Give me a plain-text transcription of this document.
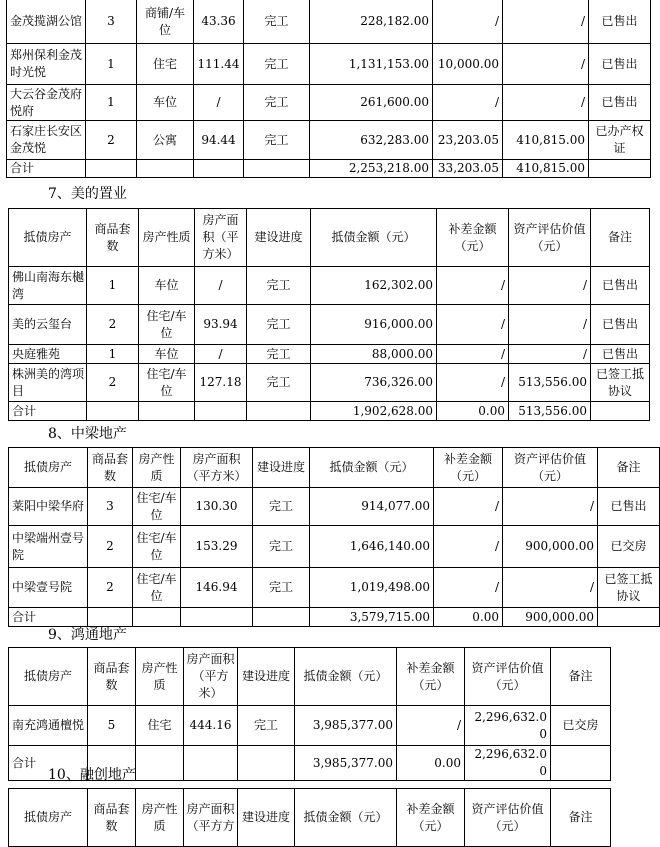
金茂揽湖公馆	3	商铺/车位	43.36	完工	228,182.00	/	/	已售出
郑州保利金茂时光悦	1	住宅	111.44	完工	1,131,153.00	10,000.00	/	已售出
大云谷金茂府悦府	1	车位	/	完工	261,600.00	/	/	已售出
石家庄长安区金茂悦	2	公寓	94.44	完工	632,283.00	23,203.05	410,815.00	已办产权证
合计					2,253,218.00	33,203.05	410,815.00	
7、美的置业
抵债房产	商品套数	房产性质	房产面积（平方米）	建设进度	抵债金额（元）	补差金额（元）	资产评估价值（元）	备注
佛山南海东樾湾	1	车位	/	完工	162,302.00	/	/	已售出
美的云玺台	2	住宅/车位	93.94	完工	916,000.00	/	/	已售出
央庭雅苑	1	车位	/	完工	88,000.00	/	/	已售出
株洲美的湾项目	2	住宅/车位	127.18	完工	736,326.00	/	513,556.00	已签工抵协议
合计					1,902,628.00	0.00	513,556.00	
8、中梁地产
抵债房产	商品套数	房产性质	房产面积（平方米）	建设进度	抵债金额（元）	补差金额（元）	资产评估价值（元）	备注
莱阳中梁华府	3	住宅/车位	130.30	完工	914,077.00	/	/	已售出
中梁端州壹号院	2	住宅/车位	153.29	完工	1,646,140.00	/	900,000.00	已交房
中梁壹号院	2	住宅/车位	146.94	完工	1,019,498.00	/	/	已签工抵协议
合计					3,579,715.00	0.00	900,000.00	
9、鸿通地产
抵债房产	商品套数	房产性质	房产面积（平方米）	建设进度	抵债金额（元）	补差金额（元）	资产评估价值（元）	备注
南充鸿通檀悦	5	住宅	444.16	完工	3,985,377.00	/	2,296,632.00	已交房
合计					3,985,377.00	0.00	2,296,632.00	
10、融创地产
抵债房产	商品套数	房产性质	房产面积（平方方	建设进度	抵债金额（元）	补差金额（元）	资产评估价值（元）	备注
